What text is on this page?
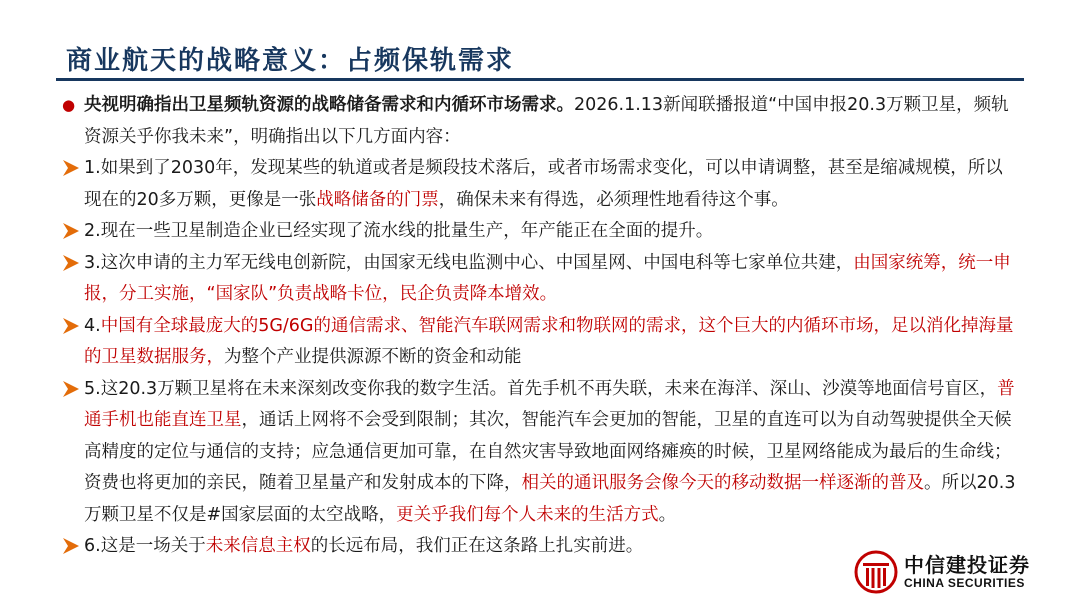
商业航天的战略意义：占频保轨需求
● 央视明确指出卫星频轨资源的战略储备需求和内循环市场需求。2026.1.13新闻联播报道“中国申报20.3万颗卫星，频轨资源关乎你我未来”，明确指出以下几方面内容：
1.如果到了2030年，发现某些的轨道或者是频段技术落后，或者市场需求变化，可以申请调整，甚至是缩减规模，所以现在的20多万颗，更像是一张战略储备的门票，确保未来有得选，必须理性地看待这个事。
2.现在一些卫星制造企业已经实现了流水线的批量生产，年产能正在全面的提升。
3.这次申请的主力军无线电创新院，由国家无线电监测中心、中国星网、中国电科等七家单位共建，由国家统筹，统一申报，分工实施，“国家队”负责战略卡位，民企负责降本增效。
4.中国有全球最庞大的5G/6G的通信需求、智能汽车联网需求和物联网的需求，这个巨大的内循环市场，足以消化掉海量的卫星数据服务，为整个产业提供源源不断的资金和动能
5.这20.3万颗卫星将在未来深刻改变你我的数字生活。首先手机不再失联，未来在海洋、深山、沙漠等地面信号盲区，普通手机也能直连卫星，通话上网将不会受到限制；其次，智能汽车会更加的智能，卫星的直连可以为自动驾驶提供全天候高精度的定位与通信的支持；应急通信更加可靠，在自然灾害导致地面网络瘫痪的时候，卫星网络能成为最后的生命线；资费也将更加的亲民，随着卫星量产和发射成本的下降，相关的通讯服务会像今天的移动数据一样逐渐的普及。所以20.3万颗卫星不仅是#国家层面的太空战略，更关乎我们每个人未来的生活方式。
6.这是一场关于未来信息主权的长远布局，我们正在这条路上扎实前进。
中信建投证券
CHINA SECURITIES
